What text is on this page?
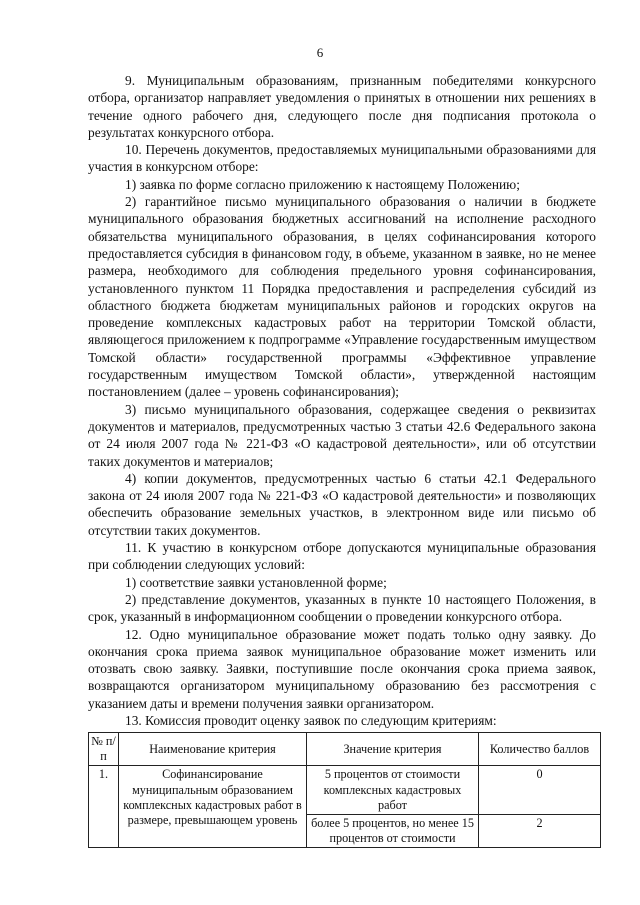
6

9. Муниципальным образованиям, признанным победителями конкурсного отбора, организатор направляет уведомления о принятых в отношении них решениях в течение одного рабочего дня, следующего после дня подписания протокола о результатах конкурсного отбора.

10. Перечень документов, предоставляемых муниципальными образованиями для участия в конкурсном отборе:

1) заявка по форме согласно приложению к настоящему Положению;

2) гарантийное письмо муниципального образования о наличии в бюджете муниципального образования бюджетных ассигнований на исполнение расходного обязательства муниципального образования, в целях софинансирования которого предоставляется субсидия в финансовом году, в объеме, указанном в заявке, но не менее размера, необходимого для соблюдения предельного уровня софинансирования, установленного пунктом 11 Порядка предоставления и распределения субсидий из областного бюджета бюджетам муниципальных районов и городских округов на проведение комплексных кадастровых работ на территории Томской области, являющегося приложением к подпрограмме «Управление государственным имуществом Томской области» государственной программы «Эффективное управление государственным имуществом Томской области», утвержденной настоящим постановлением (далее – уровень софинансирования);

3) письмо муниципального образования, содержащее сведения о реквизитах документов и материалов, предусмотренных частью 3 статьи 42.6 Федерального закона от 24 июля 2007 года № 221-ФЗ «О кадастровой деятельности», или об отсутствии таких документов и материалов;

4) копии документов, предусмотренных частью 6 статьи 42.1 Федерального закона от 24 июля 2007 года № 221-ФЗ «О кадастровой деятельности» и позволяющих обеспечить образование земельных участков, в электронном виде или письмо об отсутствии таких документов.

11. К участию в конкурсном отборе допускаются муниципальные образования при соблюдении следующих условий:

1) соответствие заявки установленной форме;

2) представление документов, указанных в пункте 10 настоящего Положения, в срок, указанный в информационном сообщении о проведении конкурсного отбора.

12. Одно муниципальное образование может подать только одну заявку. До окончания срока приема заявок муниципальное образование может изменить или отозвать свою заявку. Заявки, поступившие после окончания срока приема заявок, возвращаются организатором муниципальному образованию без рассмотрения с указанием даты и времени получения заявки организатором.

13. Комиссия проводит оценку заявок по следующим критериям:

№ п/п	Наименование критерия	Значение критерия	Количество баллов
1.	Софинансирование муниципальным образованием комплексных кадастровых работ в размере, превышающем уровень	5 процентов от стоимости комплексных кадастровых работ	0
		более 5 процентов, но менее 15 процентов от стоимости	2
